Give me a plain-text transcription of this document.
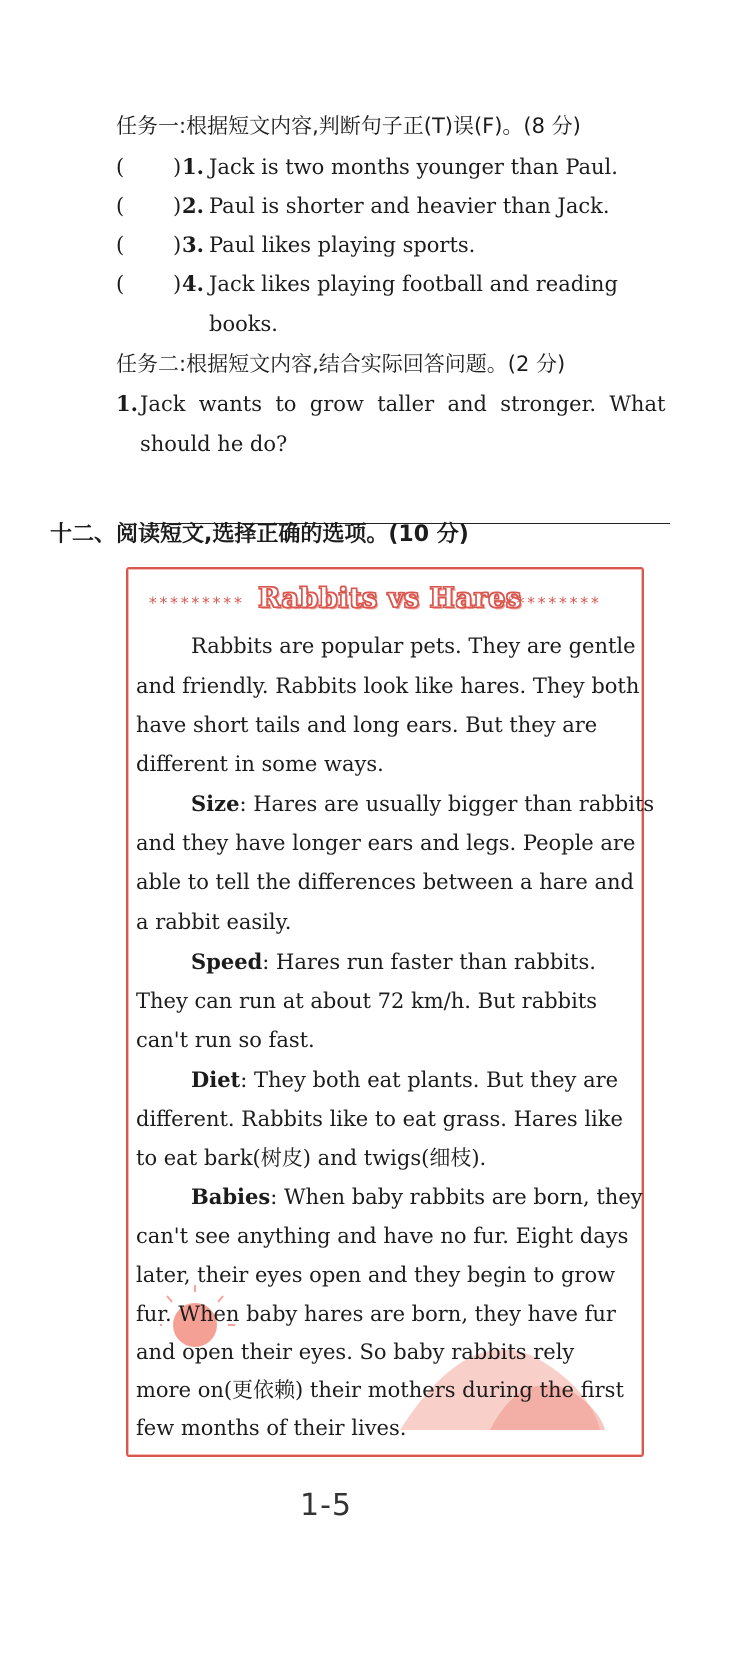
任务一:根据短文内容,判断句子正(T)误(F)。(8 分)
( ) 1. Jack is two months younger than Paul.
( ) 2. Paul is shorter and heavier than Jack.
( ) 3. Paul likes playing sports.
( ) 4. Jack likes playing football and reading
books.
任务二:根据短文内容,结合实际回答问题。(2 分)
1. Jack  wants  to  grow  taller  and  stronger.  What
should he do?
十二、阅读短文,选择正确的选项。(10 分)
********* Rabbits vs Hares
*********
Rabbits are popular pets. They are gentle
and friendly. Rabbits look like hares. They both
have short tails and long ears. But they are
different in some ways.
Size: Hares are usually bigger than rabbits
and they have longer ears and legs. People are
able to tell the differences between a hare and
a rabbit easily.
Speed: Hares run faster than rabbits.
They can run at about 72 km/h. But rabbits
can't run so fast.
Diet: They both eat plants. But they are
different. Rabbits like to eat grass. Hares like
to eat bark(树皮) and twigs(细枝).
Babies: When baby rabbits are born, they
can't see anything and have no fur. Eight days
later, their eyes open and they begin to grow
fur. When baby hares are born, they have fur
and open their eyes. So baby rabbits rely
more on(更依赖) their mothers during the first
few months of their lives.
1-5
